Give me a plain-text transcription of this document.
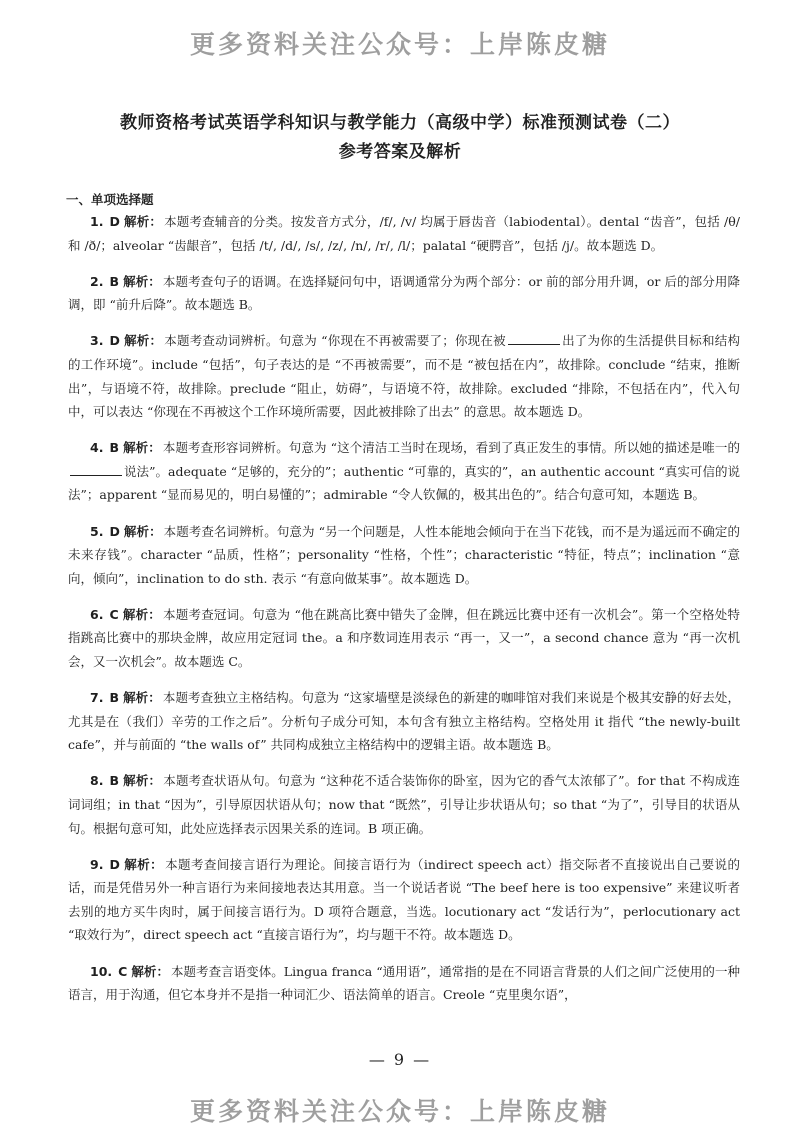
更多资料关注公众号：上岸陈皮糖
教师资格考试英语学科知识与教学能力（高级中学）标准预测试卷（二）
参考答案及解析
一、单项选择题

1. D 解析： 本题考查辅音的分类。按发音方式分，/f/, /v/ 均属于唇齿音（labiodental）。dental “齿音”，包括 /θ/ 和 /ð/；alveolar “齿龈音”，包括 /t/, /d/, /s/, /z/, /n/, /r/, /l/；palatal “硬腭音”，包括 /j/。故本题选 D。

2. B 解析： 本题考查句子的语调。在选择疑问句中，语调通常分为两个部分：or 前的部分用升调，or 后的部分用降调，即 “前升后降”。故本题选 B。

3. D 解析： 本题考查动词辨析。句意为 “你现在不再被需要了；你现在被	出了为你的生活提供目标和结构的工作环境”。include “包括”，句子表达的是 “不再被需要”，而不是 “被包括在内”，故排除。conclude “结束，推断出”，与语境不符，故排除。preclude “阻止，妨碍”，与语境不符，故排除。excluded “排除，不包括在内”，代入句中，可以表达 “你现在不再被这个工作环境所需要，因此被排除了出去” 的意思。故本题选 D。

4. B 解析： 本题考查形容词辨析。句意为 “这个清洁工当时在现场，看到了真正发生的事情。所以她的描述是唯一的说法”。adequate “足够的，充分的”；authentic “可靠的，真实的”，an authentic account “真实可信的说法”；apparent “显而易见的，明白易懂的”；admirable “令人钦佩的，极其出色的”。结合句意可知，本题选 B。

5. D 解析： 本题考查名词辨析。句意为 “另一个问题是，人性本能地会倾向于在当下花钱，而不是为遥远而不确定的未来存钱”。character “品质，性格”；personality “性格，个性”；characteristic “特征，特点”；inclination “意向，倾向”，inclination to do sth. 表示 “有意向做某事”。故本题选 D。

6. C 解析： 本题考查冠词。句意为 “他在跳高比赛中错失了金牌，但在跳远比赛中还有一次机会”。第一个空格处特指跳高比赛中的那块金牌，故应用定冠词 the。a 和序数词连用表示 “再一，又一”，a second chance 意为 “再一次机会，又一次机会”。故本题选 C。

7. B 解析： 本题考查独立主格结构。句意为 “这家墙壁是淡绿色的新建的咖啡馆对我们来说是个极其安静的好去处，尤其是在（我们）辛劳的工作之后”。分析句子成分可知，本句含有独立主格结构。空格处用 it 指代 “the newly-built cafe”，并与前面的 “the walls of” 共同构成独立主格结构中的逻辑主语。故本题选 B。

8. B 解析： 本题考查状语从句。句意为 “这种花不适合装饰你的卧室，因为它的香气太浓郁了”。for that 不构成连词词组；in that “因为”，引导原因状语从句；now that “既然”，引导让步状语从句；so that “为了”，引导目的状语从句。根据句意可知，此处应选择表示因果关系的连词。B 项正确。

9. D 解析： 本题考查间接言语行为理论。间接言语行为（indirect speech act）指交际者不直接说出自己要说的话，而是凭借另外一种言语行为来间接地表达其用意。当一个说话者说 “The beef here is too expensive” 来建议听者去别的地方买牛肉时，属于间接言语行为。D 项符合题意，当选。locutionary act “发话行为”，perlocutionary act “取效行为”，direct speech act “直接言语行为”，均与题干不符。故本题选 D。

10. C 解析： 本题考查言语变体。Lingua franca “通用语”，通常指的是在不同语言背景的人们之间广泛使用的一种语言，用于沟通，但它本身并不是指一种词汇少、语法简单的语言。Creole “克里奥尔语”，

— 9 —
更多资料关注公众号：上岸陈皮糖
